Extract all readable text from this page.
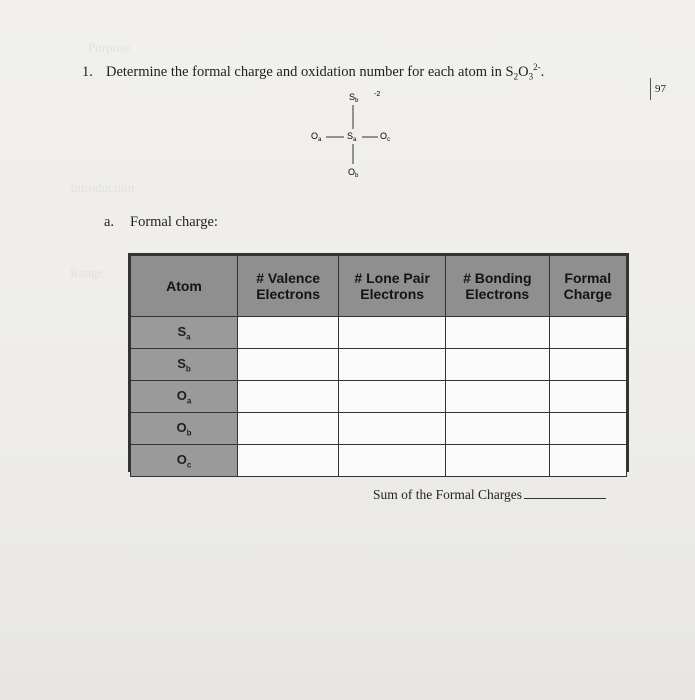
Purpose
Introduction
Range
1. Determine the formal charge and oxidation number for each atom in $S_2O_3^{2-}$.
97
$S_b$
-2
$O_a$	$S_a$	$O_c$
$O_b$
a. Formal charge:
Atom	# Valence Electrons	# Lone Pair Electrons	# Bonding Electrons	Formal Charge
$S_a$				
$S_b$				
$O_a$				
$O_b$				
$O_c$				
Sum of the Formal Charges
